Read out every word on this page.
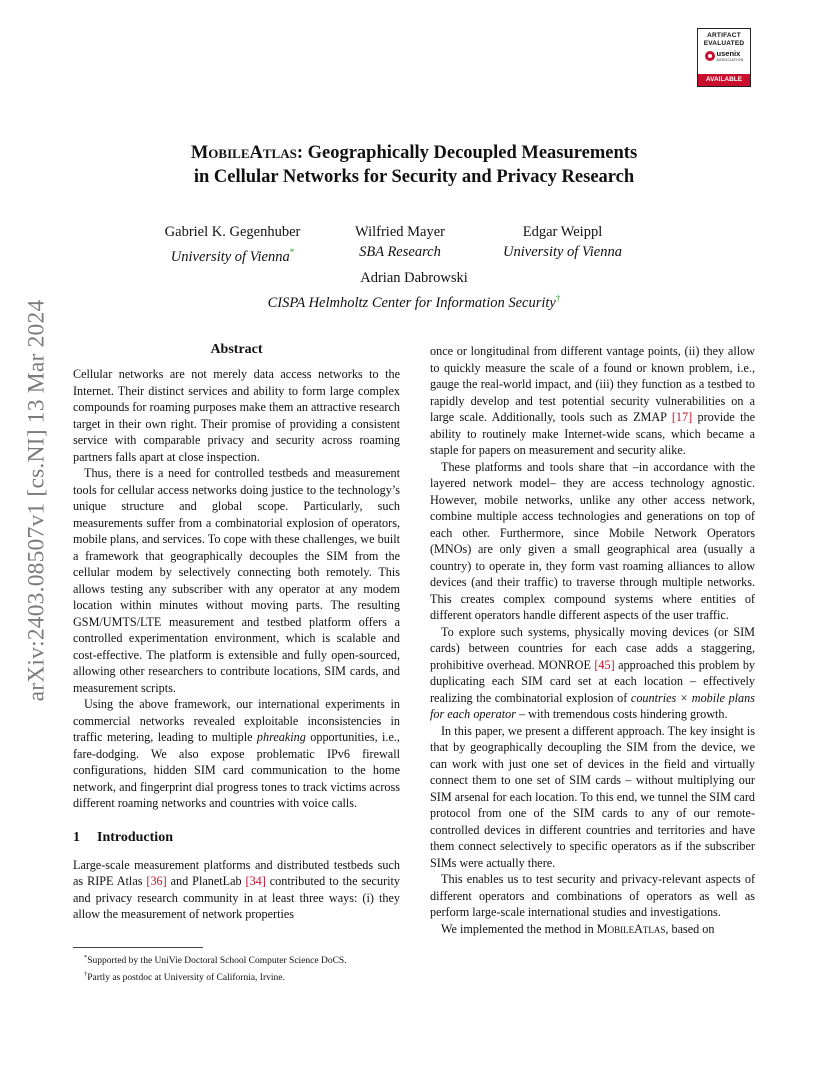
arXiv:2403.08507v1 [cs.NI] 13 Mar 2024
ARTIFACT
EVALUATED
usenix
ASSOCIATION
AVAILABLE
MobileAtlas: Geographically Decoupled Measurements
in Cellular Networks for Security and Privacy Research
Gabriel K. Gegenhuber
University of Vienna*
Wilfried Mayer
SBA Research
Edgar Weippl
University of Vienna
Adrian Dabrowski
CISPA Helmholtz Center for Information Security†
Abstract

Cellular networks are not merely data access networks to the Internet. Their distinct services and ability to form large complex compounds for roaming purposes make them an attractive research target in their own right. Their promise of providing a consistent service with comparable privacy and security across roaming partners falls apart at close inspection.

Thus, there is a need for controlled testbeds and measurement tools for cellular access networks doing justice to the technology’s unique structure and global scope. Particularly, such measurements suffer from a combinatorial explosion of operators, mobile plans, and services. To cope with these challenges, we built a framework that geographically decouples the SIM from the cellular modem by selectively connecting both remotely. This allows testing any subscriber with any operator at any modem location within minutes without moving parts. The resulting GSM/UMTS/LTE measurement and testbed platform offers a controlled experimentation environment, which is scalable and cost-effective. The platform is extensible and fully open-sourced, allowing other researchers to contribute locations, SIM cards, and measurement scripts.

Using the above framework, our international experiments in commercial networks revealed exploitable inconsistencies in traffic metering, leading to multiple phreaking opportunities, i.e., fare-dodging. We also expose problematic IPv6 firewall configurations, hidden SIM card communication to the home network, and fingerprint dial progress tones to track victims across different roaming networks and countries with voice calls.

1 Introduction

Large-scale measurement platforms and distributed testbeds such as RIPE Atlas [36] and PlanetLab [34] contributed to the security and privacy research community in at least three ways: (i) they allow the measurement of network properties

once or longitudinal from different vantage points, (ii) they allow to quickly measure the scale of a found or known problem, i.e., gauge the real-world impact, and (iii) they function as a testbed to rapidly develop and test potential security vulnerabilities on a large scale. Additionally, tools such as ZMAP [17] provide the ability to routinely make Internet-wide scans, which became a staple for papers on measurement and security alike.

These platforms and tools share that –in accordance with the layered network model– they are access technology agnostic. However, mobile networks, unlike any other access network, combine multiple access technologies and generations on top of each other. Furthermore, since Mobile Network Operators (MNOs) are only given a small geographical area (usually a country) to operate in, they form vast roaming alliances to allow devices (and their traffic) to traverse through multiple networks. This creates complex compound systems where entities of different operators handle different aspects of the user traffic.

To explore such systems, physically moving devices (or SIM cards) between countries for each case adds a staggering, prohibitive overhead. MONROE [45] approached this problem by duplicating each SIM card set at each location – effectively realizing the combinatorial explosion of countries × mobile plans for each operator – with tremendous costs hindering growth.

In this paper, we present a different approach. The key insight is that by geographically decoupling the SIM from the device, we can work with just one set of devices in the field and virtually connect them to one set of SIM cards – without multiplying our SIM arsenal for each location. To this end, we tunnel the SIM card protocol from one of the SIM cards to any of our remote-controlled devices in different countries and territories and have them connect selectively to specific operators as if the subscriber SIMs were actually there.

This enables us to test security and privacy-relevant aspects of different operators and combinations of operators as well as perform large-scale international studies and investigations.

We implemented the method in MobileAtlas, based on

*Supported by the UniVie Doctoral School Computer Science DoCS.

†Partly as postdoc at University of California, Irvine.
